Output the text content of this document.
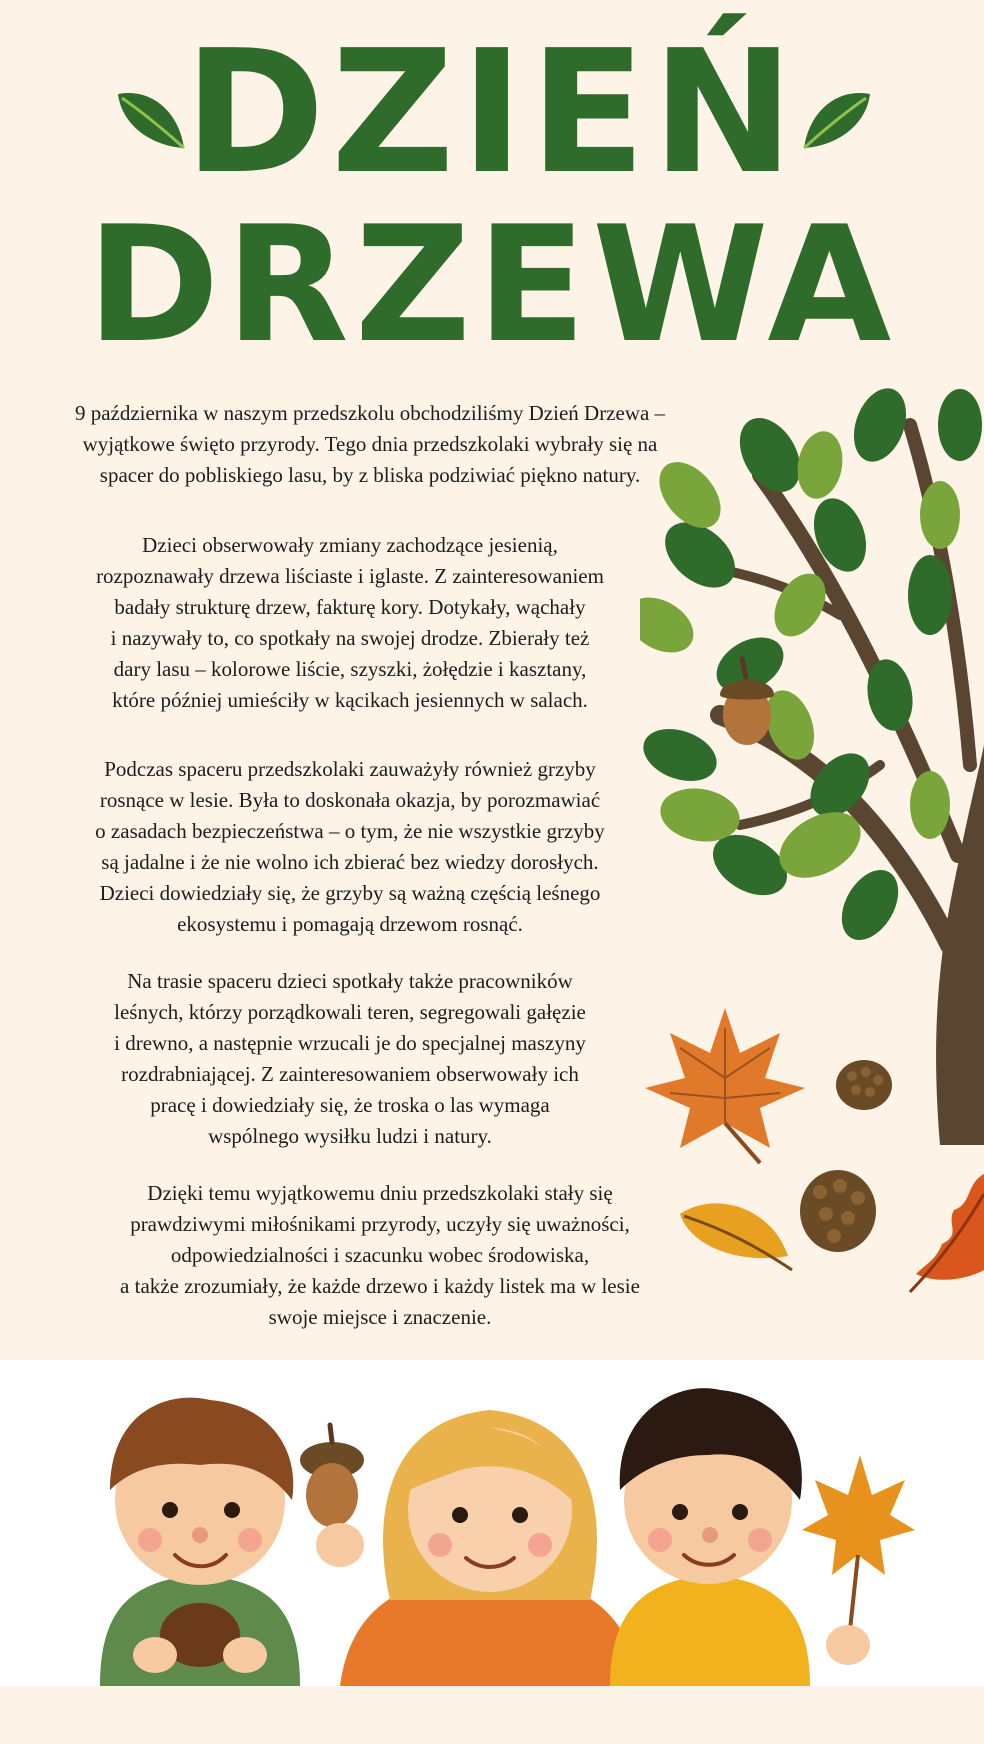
DZIEŃ
DRZEWA

9 października w naszym przedszkolu obchodziliśmy Dzień Drzewa –
wyjątkowe święto przyrody. Tego dnia przedszkolaki wybrały się na
spacer do pobliskiego lasu, by z bliska podziwiać piękno natury.

Dzieci obserwowały zmiany zachodzące jesienią,
rozpoznawały drzewa liściaste i iglaste. Z zainteresowaniem
badały strukturę drzew, fakturę kory. Dotykały, wąchały
i nazywały to, co spotkały na swojej drodze. Zbierały też
dary lasu – kolorowe liście, szyszki, żołędzie i kasztany,
które później umieściły w kącikach jesiennych w salach.

Podczas spaceru przedszkolaki zauważyły również grzyby
rosnące w lesie. Była to doskonała okazja, by porozmawiać
o zasadach bezpieczeństwa – o tym, że nie wszystkie grzyby
są jadalne i że nie wolno ich zbierać bez wiedzy dorosłych.
Dzieci dowiedziały się, że grzyby są ważną częścią leśnego
ekosystemu i pomagają drzewom rosnąć.

Na trasie spaceru dzieci spotkały także pracowników
leśnych, którzy porządkowali teren, segregowali gałęzie
i drewno, a następnie wrzucali je do specjalnej maszyny
rozdrabniającej. Z zainteresowaniem obserwowały ich
pracę i dowiedziały się, że troska o las wymaga
wspólnego wysiłku ludzi i natury.

Dzięki temu wyjątkowemu dniu przedszkolaki stały się
prawdziwymi miłośnikami przyrody, uczyły się uważności,
odpowiedzialności i szacunku wobec środowiska,
a także zrozumiały, że każde drzewo i każdy listek ma w lesie
swoje miejsce i znaczenie.
